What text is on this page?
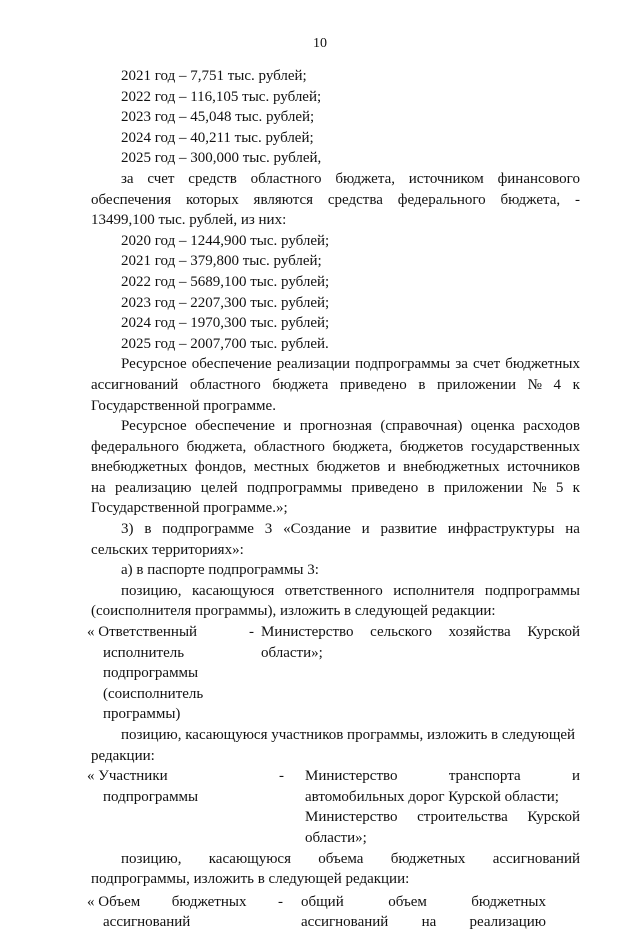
10
2021 год – 7,751 тыс. рублей;
2022 год – 116,105 тыс. рублей;
2023 год – 45,048 тыс. рублей;
2024 год – 40,211 тыс. рублей;
2025 год – 300,000 тыс. рублей,
за счет средств областного бюджета, источником финансового
обеспечения которых являются средства федерального бюджета, -
13499,100 тыс. рублей, из них:
2020 год – 1244,900 тыс. рублей;
2021 год – 379,800 тыс. рублей;
2022 год – 5689,100 тыс. рублей;
2023 год – 2207,300 тыс. рублей;
2024 год – 1970,300 тыс. рублей;
2025 год – 2007,700 тыс. рублей.
Ресурсное обеспечение реализации подпрограммы за счет бюджетных
ассигнований областного бюджета приведено в приложении № 4 к
Государственной программе.
Ресурсное обеспечение и прогнозная (справочная) оценка расходов
федерального бюджета, областного бюджета, бюджетов государственных
внебюджетных фондов, местных бюджетов и внебюджетных источников
на реализацию целей подпрограммы приведено в приложении № 5 к
Государственной программе.»;
3) в подпрограмме 3 «Создание и развитие инфраструктуры на
сельских территориях»:
а) в паспорте подпрограммы 3:
позицию, касающуюся ответственного исполнителя подпрограммы
(соисполнителя программы), изложить в следующей редакции:
« Ответственный	- Министерство сельского хозяйства Курской
исполнитель	области»;
подпрограммы
(соисполнитель
программы)
позицию, касающуюся участников программы, изложить в следующей
редакции:
« Участники	- Министерство	транспорта	и
подпрограммы	автомобильных дорог Курской области;
Министерство строительства Курской
области»;
позицию, касающуюся объема бюджетных ассигнований
подпрограммы, изложить в следующей редакции:
« Объем бюджетных - общий	объем	бюджетных
ассигнований	ассигнований на реализацию
